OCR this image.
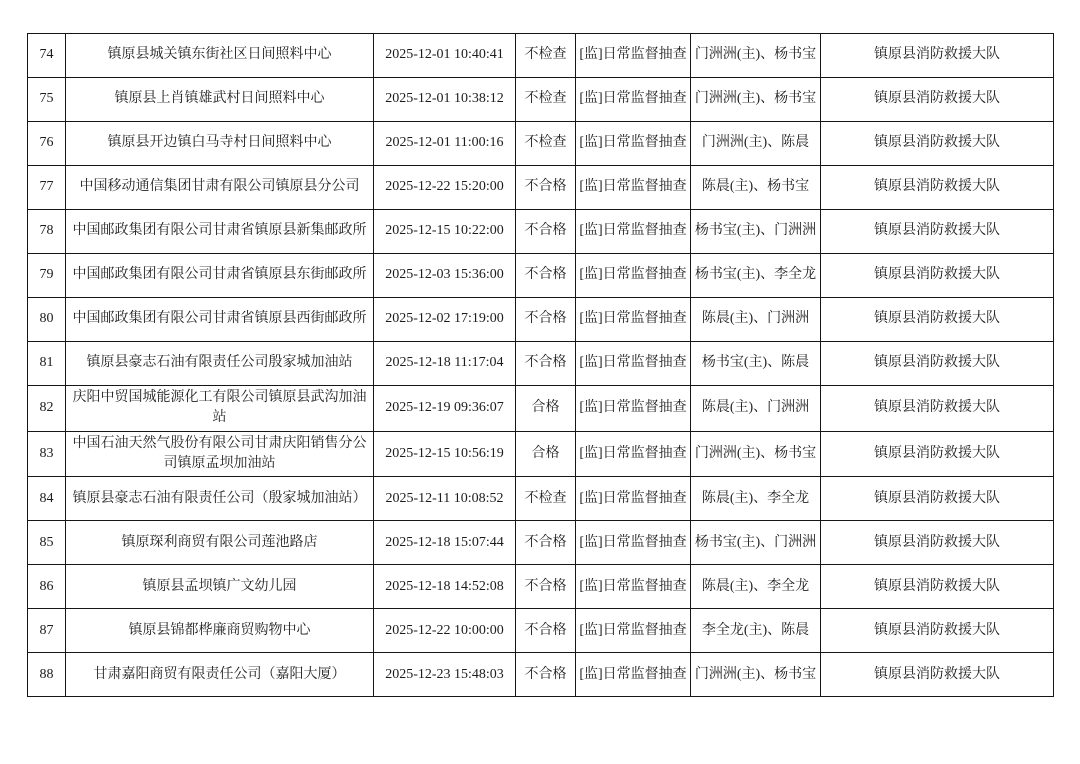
74	镇原县城关镇东街社区日间照料中心	2025-12-01 10:40:41	不检查	[监]日常监督抽查	门洲洲(主)、杨书宝	镇原县消防救援大队
75	镇原县上肖镇雄武村日间照料中心	2025-12-01 10:38:12	不检查	[监]日常监督抽查	门洲洲(主)、杨书宝	镇原县消防救援大队
76	镇原县开边镇白马寺村日间照料中心	2025-12-01 11:00:16	不检查	[监]日常监督抽查	门洲洲(主)、陈晨	镇原县消防救援大队
77	中国移动通信集团甘肃有限公司镇原县分公司	2025-12-22 15:20:00	不合格	[监]日常监督抽查	陈晨(主)、杨书宝	镇原县消防救援大队
78	中国邮政集团有限公司甘肃省镇原县新集邮政所	2025-12-15 10:22:00	不合格	[监]日常监督抽查	杨书宝(主)、门洲洲	镇原县消防救援大队
79	中国邮政集团有限公司甘肃省镇原县东街邮政所	2025-12-03 15:36:00	不合格	[监]日常监督抽查	杨书宝(主)、李全龙	镇原县消防救援大队
80	中国邮政集团有限公司甘肃省镇原县西街邮政所	2025-12-02 17:19:00	不合格	[监]日常监督抽查	陈晨(主)、门洲洲	镇原县消防救援大队
81	镇原县豪志石油有限责任公司殷家城加油站	2025-12-18 11:17:04	不合格	[监]日常监督抽查	杨书宝(主)、陈晨	镇原县消防救援大队
82	庆阳中贸国城能源化工有限公司镇原县武沟加油站	2025-12-19 09:36:07	合格	[监]日常监督抽查	陈晨(主)、门洲洲	镇原县消防救援大队
83	中国石油天然气股份有限公司甘肃庆阳销售分公司镇原孟坝加油站	2025-12-15 10:56:19	合格	[监]日常监督抽查	门洲洲(主)、杨书宝	镇原县消防救援大队
84	镇原县豪志石油有限责任公司（殷家城加油站）	2025-12-11 10:08:52	不检查	[监]日常监督抽查	陈晨(主)、李全龙	镇原县消防救援大队
85	镇原琛利商贸有限公司莲池路店	2025-12-18 15:07:44	不合格	[监]日常监督抽查	杨书宝(主)、门洲洲	镇原县消防救援大队
86	镇原县孟坝镇广文幼儿园	2025-12-18 14:52:08	不合格	[监]日常监督抽查	陈晨(主)、李全龙	镇原县消防救援大队
87	镇原县锦都桦廉商贸购物中心	2025-12-22 10:00:00	不合格	[监]日常监督抽查	李全龙(主)、陈晨	镇原县消防救援大队
88	甘肃嘉阳商贸有限责任公司（嘉阳大厦）	2025-12-23 15:48:03	不合格	[监]日常监督抽查	门洲洲(主)、杨书宝	镇原县消防救援大队
